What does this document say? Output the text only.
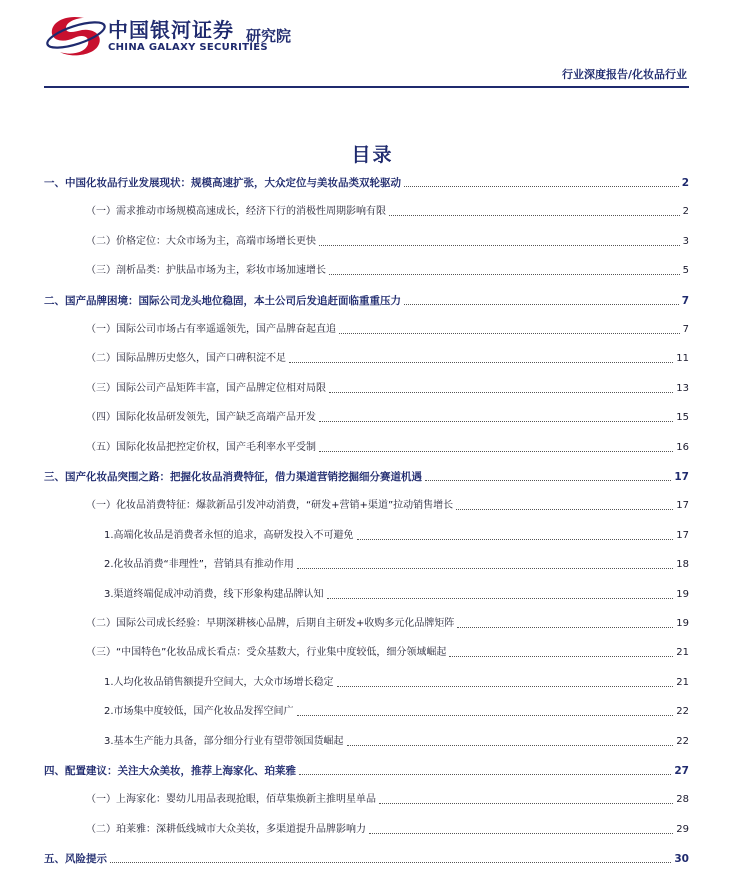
中国银河证券
CHINA GALAXY SECURITIES
研究院
行业深度报告/化妆品行业
目录
一、中国化妆品行业发展现状：规模高速扩张，大众定位与美妆品类双轮驱动	2
（一）需求推动市场规模高速成长，经济下行的消极性周期影响有限	2
（二）价格定位：大众市场为主，高端市场增长更快	3
（三）剖析品类：护肤品市场为主，彩妆市场加速增长	5
二、国产品牌困境：国际公司龙头地位稳固，本土公司后发追赶面临重重压力	7
（一）国际公司市场占有率遥遥领先，国产品牌奋起直追	7
（二）国际品牌历史悠久，国产口碑积淀不足	11
（三）国际公司产品矩阵丰富，国产品牌定位相对局限	13
（四）国际化妆品研发领先，国产缺乏高端产品开发	15
（五）国际化妆品把控定价权，国产毛利率水平受制	16
三、国产化妆品突围之路：把握化妆品消费特征，借力渠道营销挖掘细分赛道机遇	17
（一）化妆品消费特征：爆款新品引发冲动消费，“研发+营销+渠道”拉动销售增长	17
1.高端化妆品是消费者永恒的追求，高研发投入不可避免	17
2.化妆品消费“非理性”，营销具有推动作用	18
3.渠道终端促成冲动消费，线下形象构建品牌认知	19
（二）国际公司成长经验：早期深耕核心品牌，后期自主研发+收购多元化品牌矩阵	19
（三）“中国特色”化妆品成长看点：受众基数大，行业集中度较低，细分领域崛起	21
1.人均化妆品销售额提升空间大，大众市场增长稳定	21
2.市场集中度较低，国产化妆品发挥空间广	22
3.基本生产能力具备，部分细分行业有望带领国货崛起	22
四、配置建议：关注大众美妆，推荐上海家化、珀莱雅	27
（一）上海家化：婴幼儿用品表现抢眼，佰草集焕新主推明星单品	28
（二）珀莱雅：深耕低线城市大众美妆，多渠道提升品牌影响力	29
五、风险提示	30
